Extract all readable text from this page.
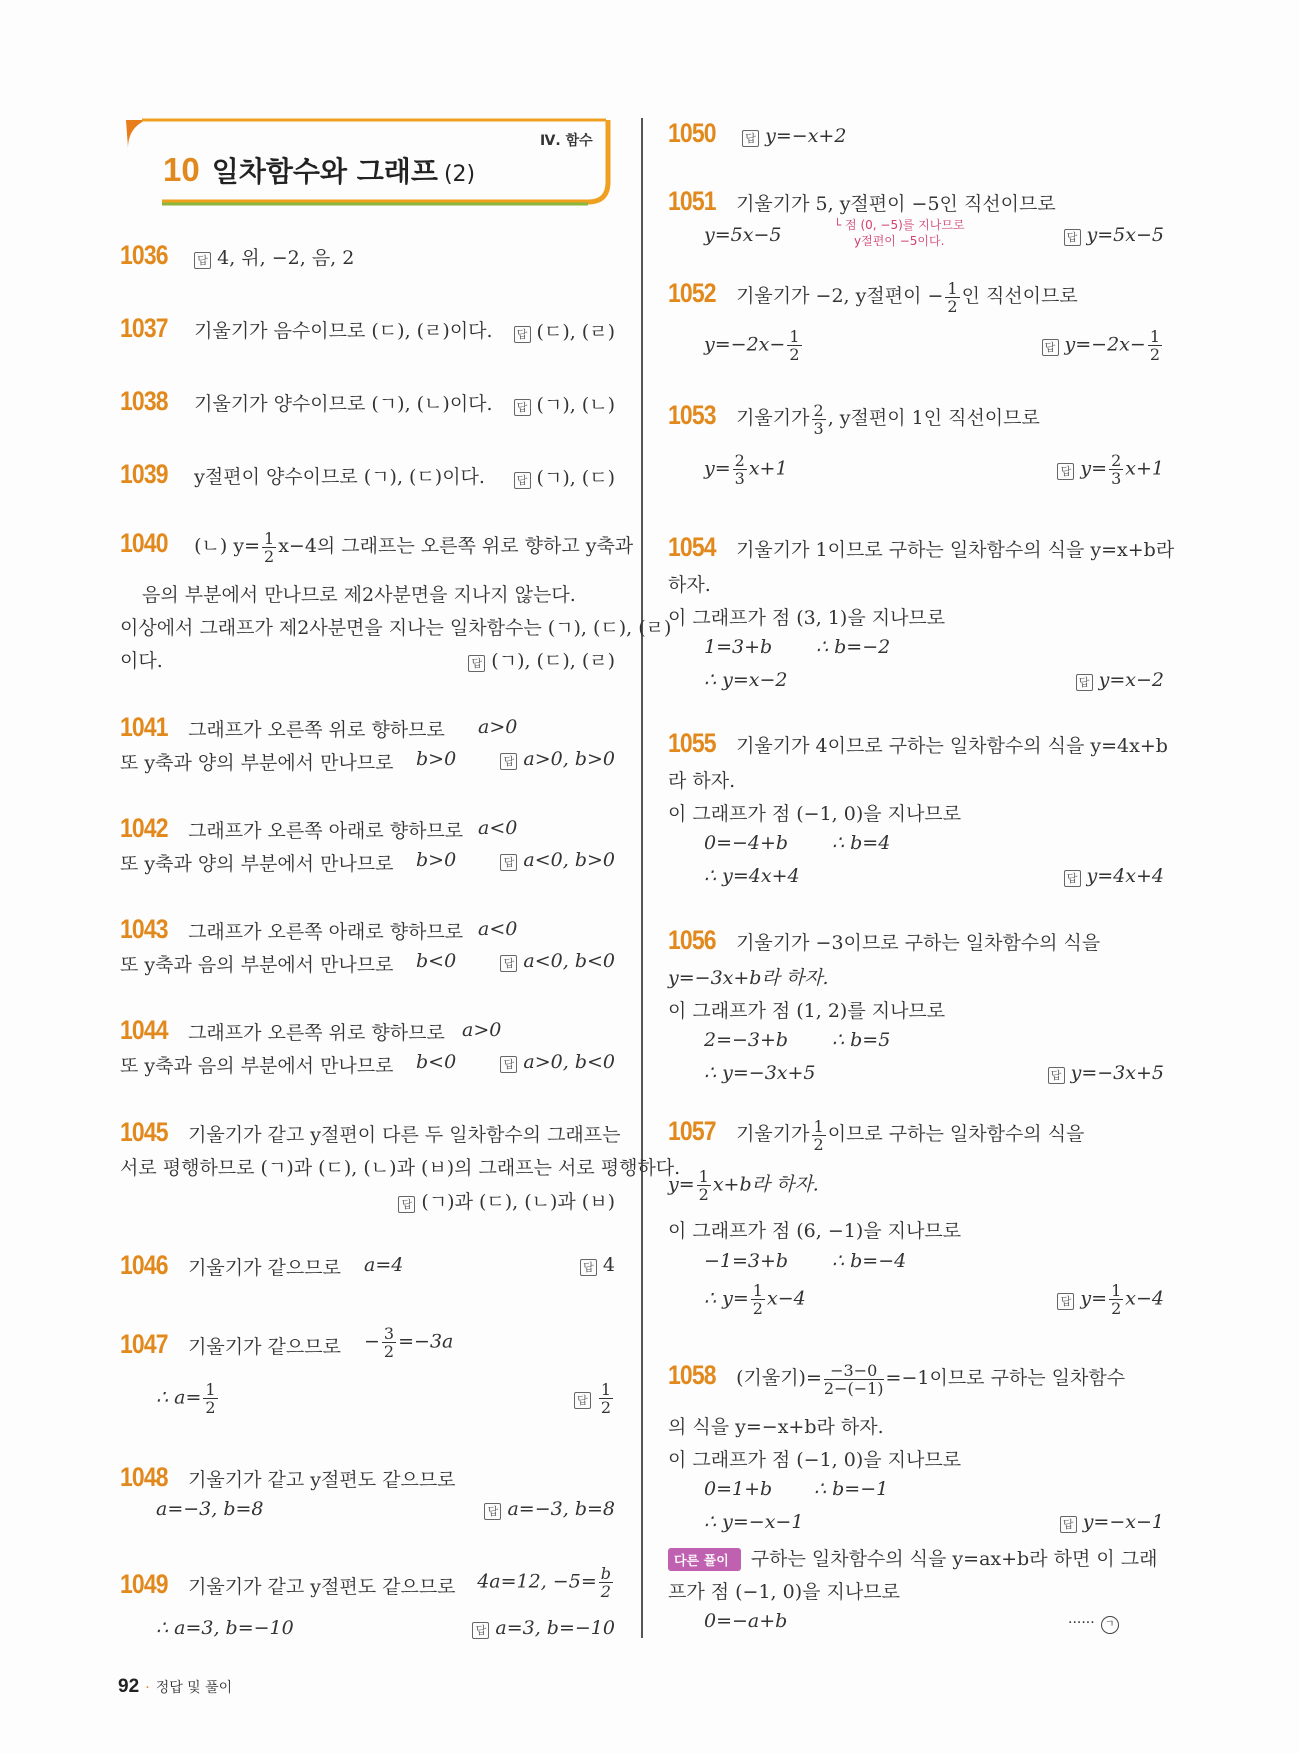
Ⅳ. 함수
10 일차함수와 그래프 (2)
1036	답 4, 위, −2, 음, 2
1037 기울기가 음수이므로 (ㄷ), (ㄹ)이다. 답 (ㄷ), (ㄹ)
1038 기울기가 양수이므로 (ㄱ), (ㄴ)이다. 답 (ㄱ), (ㄴ)
1039 y절편이 양수이므로 (ㄱ), (ㄷ)이다.	답 (ㄱ), (ㄷ)
1040 (ㄴ) $y= \frac{1}{2} x-4$의 그래프는 오른쪽 위로 향하고 y축과
음의 부분에서 만나므로 제2사분면을 지나지 않는다.
이상에서 그래프가 제2사분면을 지나는 일차함수는 (ㄱ), (ㄷ), (ㄹ)
이다.	답 (ㄱ), (ㄷ), (ㄹ)
1041 그래프가 오른쪽 위로 향하므로 a>0
또 y축과 양의 부분에서 만나므로 b>0	답 a>0, b>0
1042 그래프가 오른쪽 아래로 향하므로 a<0
또 y축과 양의 부분에서 만나므로 b>0	답 a<0, b>0
1043 그래프가 오른쪽 아래로 향하므로 a<0
또 y축과 음의 부분에서 만나므로 b<0	답 a<0, b<0
1044 그래프가 오른쪽 위로 향하므로 a>0
또 y축과 음의 부분에서 만나므로 b<0	답 a>0, b<0
1045 기울기가 같고 y절편이 다른 두 일차함수의 그래프는
서로 평행하므로 (ㄱ)과 (ㄷ), (ㄴ)과 (ㅂ)의 그래프는 서로 평행하다.
답 (ㄱ)과 (ㄷ), (ㄴ)과 (ㅂ)
1046 기울기가 같으므로 a=4	답 4
1047 기울기가 같으므로 − $\frac{3}{2} =-3a$
∴ $a= \frac{1}{2}$	답 $\frac{1}{2}$
1048 기울기가 같고 y절편도 같으므로
a=−3, b=8	답 a=−3, b=8
1049 기울기가 같고 y절편도 같으므로 4a=12, $-5= \frac{b}{2}$
∴ a=3, b=−10	답 a=3, b=−10
92 · 정답 및 풀이
1050	답 y=−x+2
1051 기울기가 5, y절편이 −5인 직선이므로
└ 점 (0, −5)를 지나므로
y절편이 −5이다.
y=5x−5	답 y=5x−5
1052 기울기가 −2, y절편이 − $\frac{1}{2}$ 인 직선이므로
$y=-2x- \frac{1}{2}$	답 $y=-2x- \frac{1}{2}$
1053 기울기가 $\frac{2}{3}$ , y절편이 1인 직선이므로
$y= \frac{2}{3} x+1$	답 $y= \frac{2}{3} x+1$
1054 기울기가 1이므로 구하는 일차함수의 식을 y=x+b라
하자.
이 그래프가 점 (3, 1)을 지나므로
1=3+b ∴ b=−2
∴ y=x−2	답 y=x−2
1055 기울기가 4이므로 구하는 일차함수의 식을 y=4x+b
라 하자.
이 그래프가 점 (−1, 0)을 지나므로
0=−4+b ∴ b=4
∴ y=4x+4	답 y=4x+4
1056 기울기가 −3이므로 구하는 일차함수의 식을
y=−3x+b라 하자.
이 그래프가 점 (1, 2)를 지나므로
2=−3+b ∴ b=5
∴ y=−3x+5	답 y=−3x+5
1057 기울기가 $\frac{1}{2}$ 이므로 구하는 일차함수의 식을
$y= \frac{1}{2} x+b$라 하자.
이 그래프가 점 (6, −1)을 지나므로
−1=3+b ∴ b=−4
∴ $y= \frac{1}{2} x-4$	답 $y= \frac{1}{2} x-4$
1058 (기울기)= $\frac{-3-0}{2-(-1)} =-1$이므로 구하는 일차함수
의 식을 y=−x+b라 하자.
이 그래프가 점 (−1, 0)을 지나므로
0=1+b ∴ b=−1
∴ y=−x−1	답 y=−x−1
다른 풀이 구하는 일차함수의 식을 y=ax+b라 하면 이 그래
프가 점 (−1, 0)을 지나므로
0=−a+b	······ ㄱ
